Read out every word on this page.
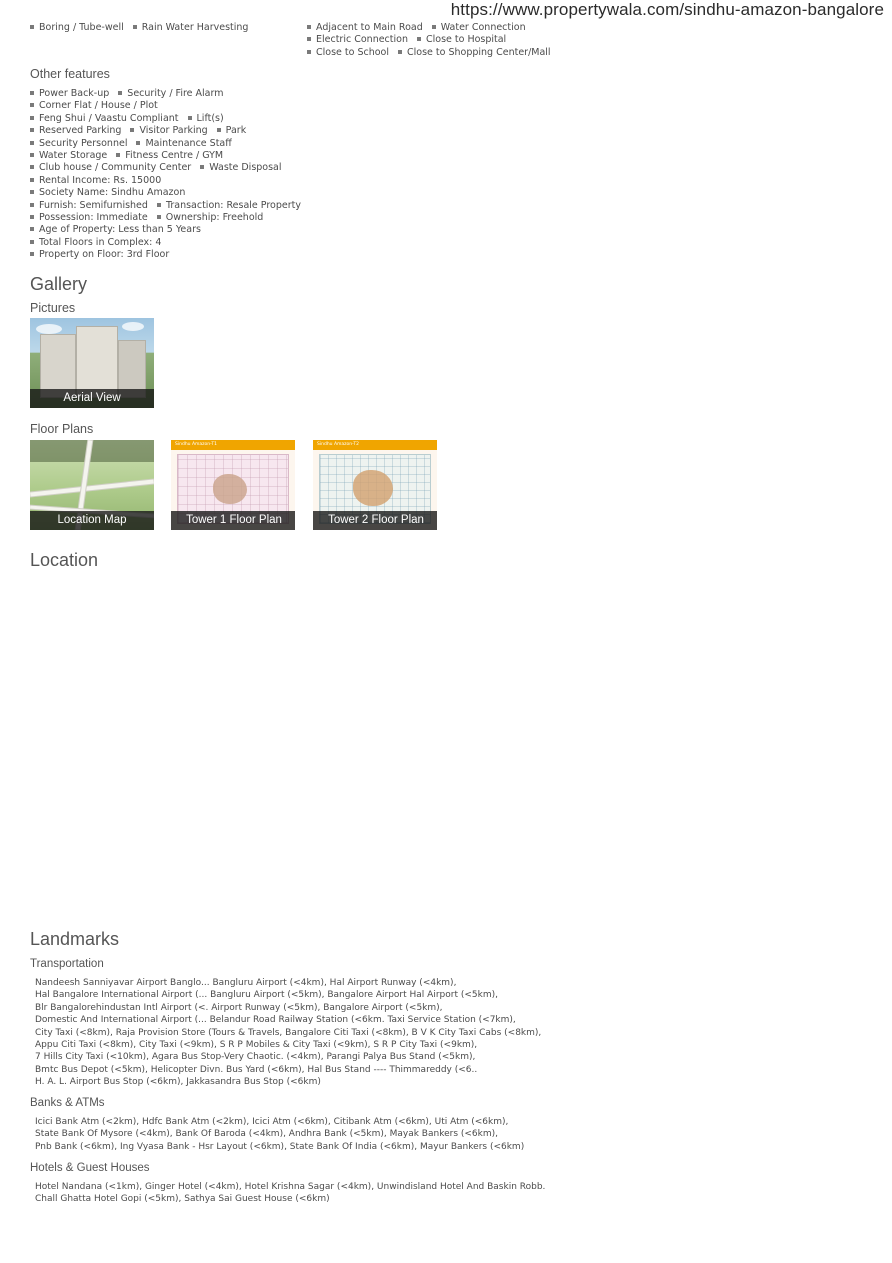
https://www.propertywala.com/sindhu-amazon-bangalore
Boring / Tube-well Rain Water Harvesting	Adjacent to Main Road Water Connection
Electric Connection Close to Hospital
Close to School Close to Shopping Center/Mall
Other features
Power Back-up Security / Fire Alarm
Corner Flat / House / Plot
Feng Shui / Vaastu Compliant Lift(s)
Reserved Parking Visitor Parking Park
Security Personnel Maintenance Staff
Water Storage Fitness Centre / GYM
Club house / Community Center Waste Disposal
Rental Income: Rs. 15000
Society Name: Sindhu Amazon
Furnish: Semifurnished Transaction: Resale Property
Possession: Immediate Ownership: Freehold
Age of Property: Less than 5 Years
Total Floors in Complex: 4
Property on Floor: 3rd Floor
Gallery
Pictures
Aerial View
Floor Plans
Location Map
Sindhu Amazon-T1
Tower 1 Floor Plan
Sindhu Amazon-T2
Tower 2 Floor Plan
Location
Landmarks
Transportation
Nandeesh Sanniyavar Airport Banglo... Bangluru Airport (<4km), Hal Airport Runway (<4km),
Hal Bangalore International Airport (... Bangluru Airport (<5km), Bangalore Airport Hal Airport (<5km),
Blr Bangalorehindustan Intl Airport (<. Airport Runway (<5km), Bangalore Airport (<5km),
Domestic And International Airport (... Belandur Road Railway Station (<6km. Taxi Service Station (<7km),
City Taxi (<8km), Raja Provision Store (Tours & Travels, Bangalore Citi Taxi (<8km), B V K City Taxi Cabs (<8km),
Appu Citi Taxi (<8km), City Taxi (<9km), S R P Mobiles & City Taxi (<9km), S R P City Taxi (<9km),
7 Hills City Taxi (<10km), Agara Bus Stop-Very Chaotic. (<4km), Parangi Palya Bus Stand (<5km),
Bmtc Bus Depot (<5km), Helicopter Divn. Bus Yard (<6km), Hal Bus Stand ---- Thimmareddy (<6..
H. A. L. Airport Bus Stop (<6km), Jakkasandra Bus Stop (<6km)
Banks & ATMs
Icici Bank Atm (<2km), Hdfc Bank Atm (<2km), Icici Atm (<6km), Citibank Atm (<6km), Uti Atm (<6km),
State Bank Of Mysore (<4km), Bank Of Baroda (<4km), Andhra Bank (<5km), Mayak Bankers (<6km),
Pnb Bank (<6km), Ing Vyasa Bank - Hsr Layout (<6km), State Bank Of India (<6km), Mayur Bankers (<6km)
Hotels & Guest Houses
Hotel Nandana (<1km), Ginger Hotel (<4km), Hotel Krishna Sagar (<4km), Unwindisland Hotel And Baskin Robb.
Chall Ghatta Hotel Gopi (<5km), Sathya Sai Guest House (<6km)
